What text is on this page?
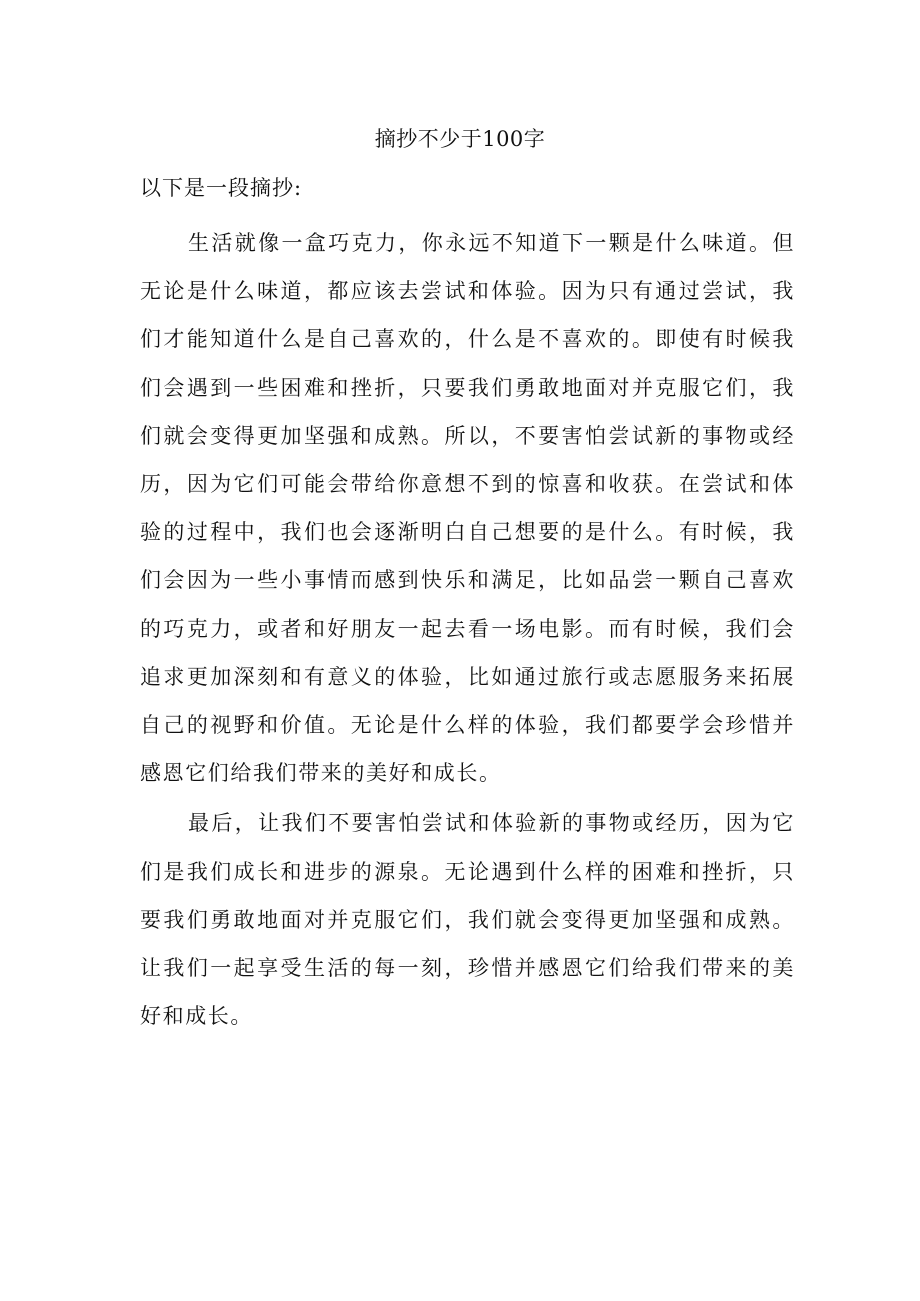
摘抄不少于100字
以下是一段摘抄:

生活就像一盒巧克力，你永远不知道下一颗是什么味道。但无论是什么味道，都应该去尝试和体验。因为只有通过尝试，我们才能知道什么是自己喜欢的，什么是不喜欢的。即使有时候我们会遇到一些困难和挫折，只要我们勇敢地面对并克服它们，我们就会变得更加坚强和成熟。所以，不要害怕尝试新的事物或经历，因为它们可能会带给你意想不到的惊喜和收获。在尝试和体验的过程中，我们也会逐渐明白自己想要的是什么。有时候，我们会因为一些小事情而感到快乐和满足，比如品尝一颗自己喜欢的巧克力，或者和好朋友一起去看一场电影。而有时候，我们会追求更加深刻和有意义的体验，比如通过旅行或志愿服务来拓展自己的视野和价值。无论是什么样的体验，我们都要学会珍惜并感恩它们给我们带来的美好和成长。

最后，让我们不要害怕尝试和体验新的事物或经历，因为它们是我们成长和进步的源泉。无论遇到什么样的困难和挫折，只要我们勇敢地面对并克服它们，我们就会变得更加坚强和成熟。让我们一起享受生活的每一刻，珍惜并感恩它们给我们带来的美好和成长。
